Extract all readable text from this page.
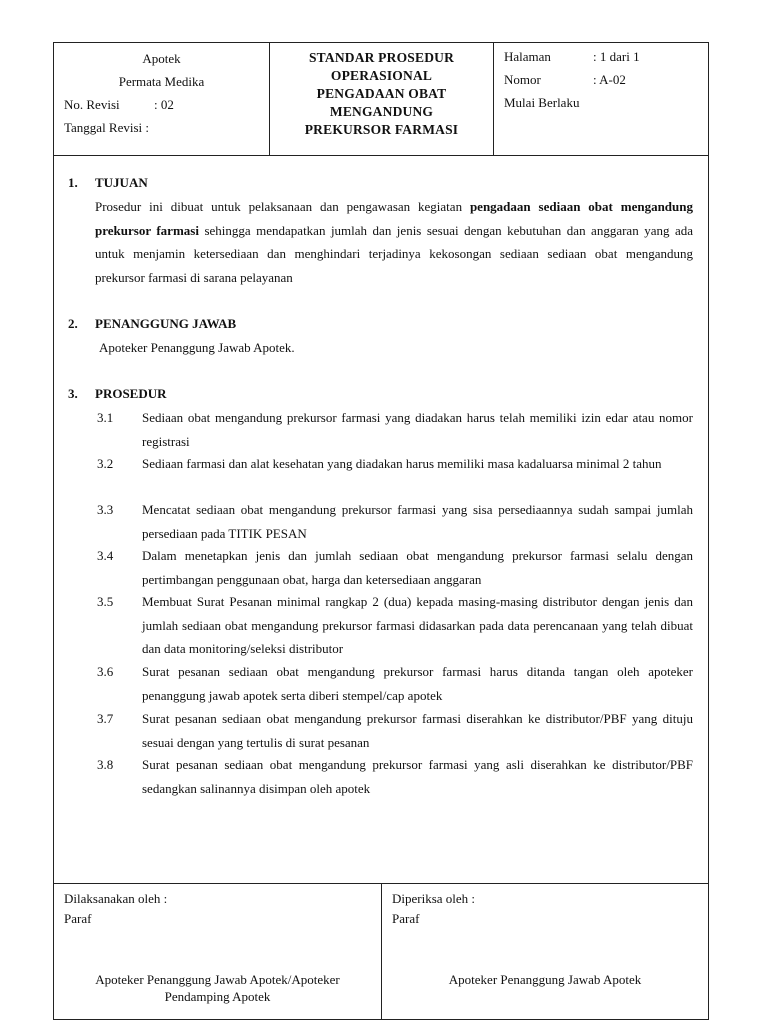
Apotek
Permata Medika
No. Revisi	: 02
Tanggal Revisi :
STANDAR PROSEDUR
OPERASIONAL
PENGADAAN OBAT
MENGANDUNG
PREKURSOR FARMASI
Halaman	: 1 dari 1
Nomor	: A-02
Mulai Berlaku
1. TUJUAN
Prosedur ini dibuat untuk pelaksanaan dan pengawasan kegiatan pengadaan sediaan obat mengandung prekursor farmasi sehingga mendapatkan jumlah dan jenis sesuai dengan kebutuhan dan anggaran yang ada untuk menjamin ketersediaan dan menghindari terjadinya kekosongan sediaan sediaan obat mengandung prekursor farmasi di sarana pelayanan
2. PENANGGUNG JAWAB
Apoteker Penanggung Jawab Apotek.
3. PROSEDUR
3.1 Sediaan obat mengandung prekursor farmasi yang diadakan harus telah memiliki izin edar atau nomor registrasi
3.2 Sediaan farmasi dan alat kesehatan yang diadakan harus memiliki masa kadaluarsa minimal 2 tahun
3.3 Mencatat sediaan obat mengandung prekursor farmasi yang sisa persediaannya sudah sampai jumlah persediaan pada TITIK PESAN
3.4 Dalam menetapkan jenis dan jumlah sediaan obat mengandung prekursor farmasi selalu dengan pertimbangan penggunaan obat, harga dan ketersediaan anggaran
3.5 Membuat Surat Pesanan minimal rangkap 2 (dua) kepada masing-masing distributor dengan jenis dan jumlah sediaan obat mengandung prekursor farmasi didasarkan pada data perencanaan yang telah dibuat dan data monitoring/seleksi distributor
3.6 Surat pesanan sediaan obat mengandung prekursor farmasi harus ditanda tangan oleh apoteker penanggung jawab apotek serta diberi stempel/cap apotek
3.7 Surat pesanan sediaan obat mengandung prekursor farmasi diserahkan ke distributor/PBF yang dituju sesuai dengan yang tertulis di surat pesanan
3.8 Surat pesanan sediaan obat mengandung prekursor farmasi yang asli diserahkan ke distributor/PBF sedangkan salinannya disimpan oleh apotek
Dilaksanakan oleh :
Paraf
Apoteker Penanggung Jawab Apotek/Apoteker
Pendamping Apotek
Diperiksa oleh :
Paraf
Apoteker Penanggung Jawab Apotek
